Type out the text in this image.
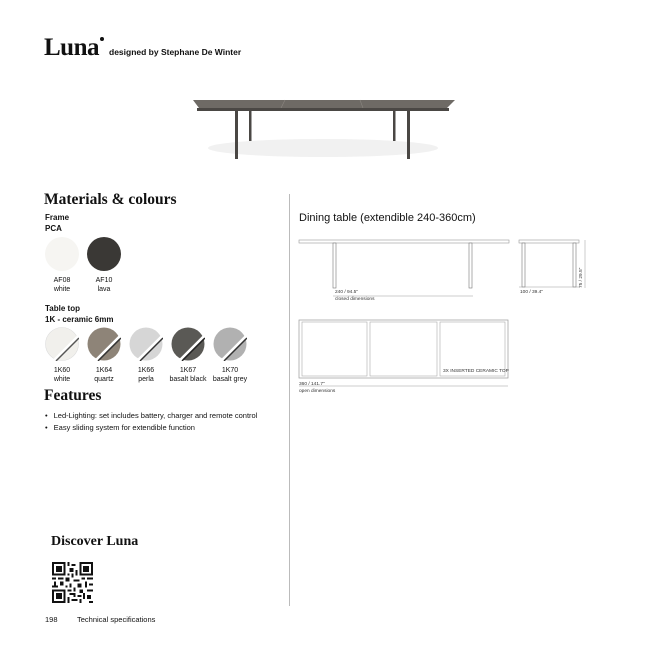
Luna designed by Stephane De Winter
Materials & colours
Frame
PCA
AF08
white
AF10
lava
Table top
1K - ceramic 6mm
1K60
white
1K64
quartz
1K66
perla
1K67
basalt black
1K70
basalt grey
Features
• Led-Lighting: set includes battery, charger and remote control
• Easy sliding system for extendible function
Discover Luna
Dining table (extendible 240-360cm)
240 / 94.5"
closed dimensions
100 / 39.4"
75 / 29.5"
3X INSERTED CERAMIC TOP
360 / 141.7"
open dimensions
198	Technical specifications
